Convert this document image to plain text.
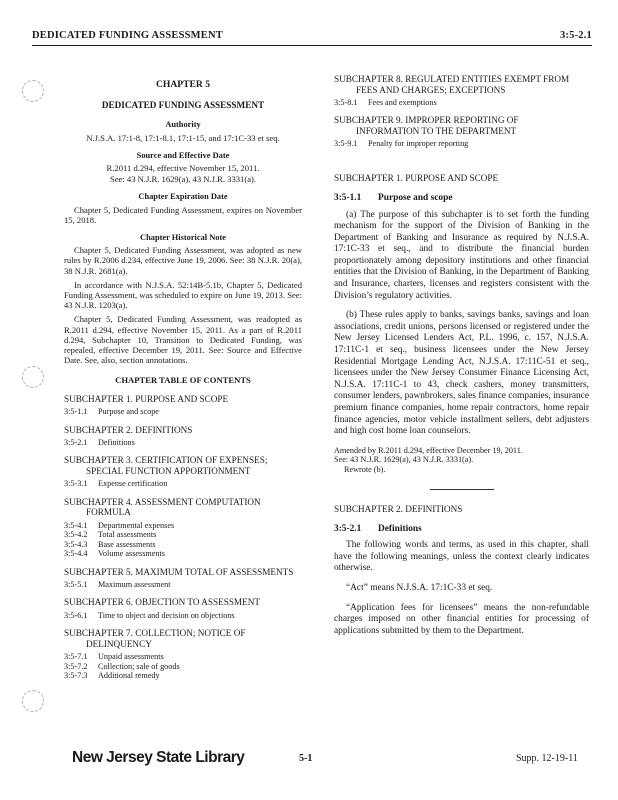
DEDICATED FUNDING ASSESSMENT	3:5-2.1
CHAPTER 5
DEDICATED FUNDING ASSESSMENT
Authority
N.J.S.A. 17:1-8, 17:1-8.1, 17:1-15, and 17:1C-33 et seq.
Source and Effective Date
R.2011 d.294, effective November 15, 2011.
See: 43 N.J.R. 1629(a), 43 N.J.R. 3331(a).
Chapter Expiration Date
Chapter 5, Dedicated Funding Assessment, expires on November 15, 2018.
Chapter Historical Note
Chapter 5, Dedicated Funding Assessment, was adopted as new rules by R.2006 d.234, effective June 19, 2006. See: 38 N.J.R. 20(a), 38 N.J.R. 2681(a).
In accordance with N.J.S.A. 52:14B-5.1b, Chapter 5, Dedicated Funding Assessment, was scheduled to expire on June 19, 2013. See: 43 N.J.R. 1203(a).
Chapter 5, Dedicated Funding Assessment, was readopted as R.2011 d.294, effective November 15, 2011. As a part of R.2011 d.294, Subchapter 10, Transition to Dedicated Funding, was repealed, effective December 19, 2011. See: Source and Effective Date. See, also, section annotations.
CHAPTER TABLE OF CONTENTS
SUBCHAPTER 1. PURPOSE AND SCOPE
3:5-1.1	Purpose and scope
SUBCHAPTER 2. DEFINITIONS
3:5-2.1	Definitions
SUBCHAPTER 3. CERTIFICATION OF EXPENSES;
SPECIAL FUNCTION APPORTIONMENT
3:5-3.1	Expense certification
SUBCHAPTER 4. ASSESSMENT COMPUTATION
FORMULA
3:5-4.1	Departmental expenses
3:5-4.2	Total assessments
3:5-4.3	Base assessments
3:5-4.4	Volume assessments
SUBCHAPTER 5. MAXIMUM TOTAL OF ASSESSMENTS
3:5-5.1	Maximum assessment
SUBCHAPTER 6. OBJECTION TO ASSESSMENT
3:5-6.1	Time to object and decision on objections
SUBCHAPTER 7. COLLECTION; NOTICE OF
DELINQUENCY
3:5-7.1	Unpaid assessments
3:5-7.2	Collection; sale of goods
3:5-7.3	Additional remedy
SUBCHAPTER 8. REGULATED ENTITIES EXEMPT FROM
FEES AND CHARGES; EXCEPTIONS
3:5-8.1	Fees and exemptions
SUBCHAPTER 9. IMPROPER REPORTING OF
INFORMATION TO THE DEPARTMENT
3:5-9.1	Penalty for improper reporting
SUBCHAPTER 1. PURPOSE AND SCOPE
3:5-1.1 Purpose and scope
(a) The purpose of this subchapter is to set forth the funding mechanism for the support of the Division of Banking in the Department of Banking and Insurance as required by N.J.S.A. 17:1C-33 et seq., and to distribute the financial burden proportionately among depository institutions and other financial entities that the Division of Banking, in the Department of Banking and Insurance, charters, licenses and registers consistent with the Division’s regulatory activities.
(b) These rules apply to banks, savings banks, savings and loan associations, credit unions, persons licensed or registered under the New Jersey Licensed Lenders Act, P.L. 1996, c. 157, N.J.S.A. 17:11C-1 et seq., business licensees under the New Jersey Residential Mortgage Lending Act, N.J.S.A. 17:11C-51 et seq., licensees under the New Jersey Consumer Finance Licensing Act, N.J.S.A. 17:11C-1 to 43, check cashers, money transmitters, consumer lenders, pawnbrokers, sales finance companies, insurance premium finance companies, home repair contractors, home repair finance agencies, motor vehicle installment sellers, debt adjusters and high cost home loan counselors.
Amended by R.2011 d.294, effective December 19, 2011.
See: 43 N.J.R. 1629(a), 43 N.J.R. 3331(a).
Rewrote (b).
SUBCHAPTER 2. DEFINITIONS
3:5-2.1 Definitions
The following words and terms, as used in this chapter, shall have the following meanings, unless the context clearly indicates otherwise.
“Act” means N.J.S.A. 17:1C-33 et seq.
“Application fees for licensees” means the non-refundable charges imposed on other financial entities for processing of applications submitted by them to the Department.
New Jersey State Library	5-1	Supp. 12-19-11
